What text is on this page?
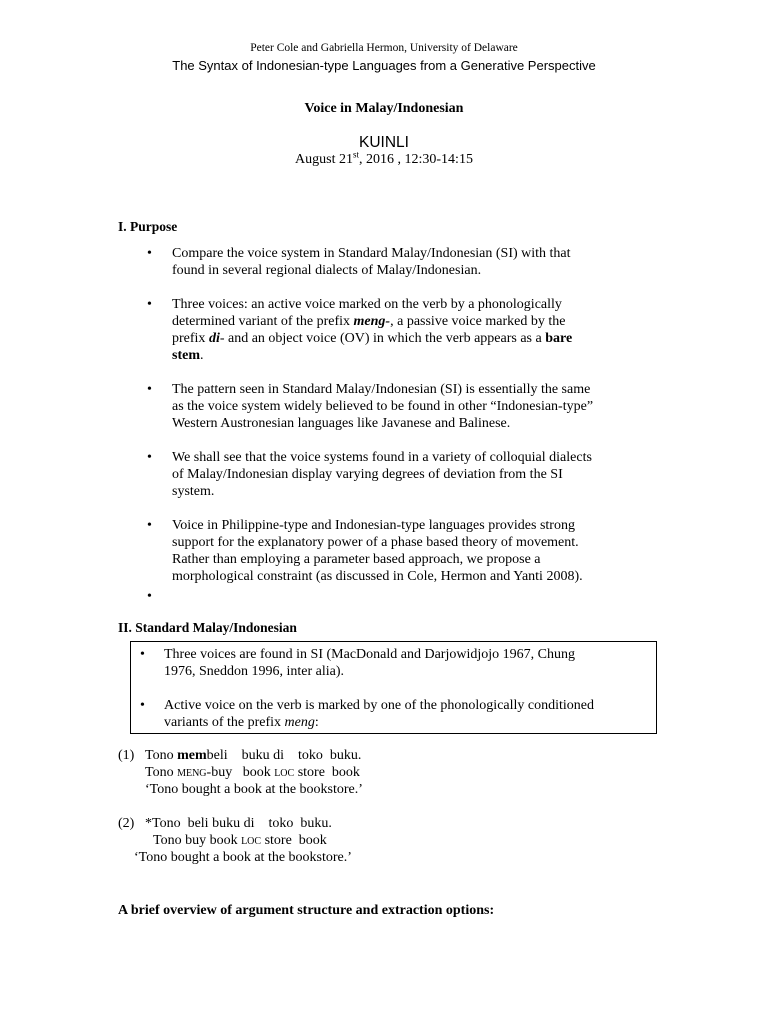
Peter Cole and Gabriella Hermon, University of Delaware
The Syntax of Indonesian-type Languages from a Generative Perspective
Voice in Malay/Indonesian
KUINLI
August 21st, 2016 , 12:30-14:15
I. Purpose
• Compare the voice system in Standard Malay/Indonesian (SI) with that
found in several regional dialects of Malay/Indonesian.
• Three voices: an active voice marked on the verb by a phonologically
determined variant of the prefix meng-, a passive voice marked by the
prefix di- and an object voice (OV) in which the verb appears as a bare
stem.
• The pattern seen in Standard Malay/Indonesian (SI) is essentially the same
as the voice system widely believed to be found in other “Indonesian-type”
Western Austronesian languages like Javanese and Balinese.
• We shall see that the voice systems found in a variety of colloquial dialects
of Malay/Indonesian display varying degrees of deviation from the SI
system.
• Voice in Philippine-type and Indonesian-type languages provides strong
support for the explanatory power of a phase based theory of movement.
Rather than employing a parameter based approach, we propose a
morphological constraint (as discussed in Cole, Hermon and Yanti 2008).
•
II. Standard Malay/Indonesian
• Three voices are found in SI (MacDonald and Darjowidjojo 1967, Chung
1976, Sneddon 1996, inter alia).
• Active voice on the verb is marked by one of the phonologically conditioned
variants of the prefix meng:
(1) Tono membeli    buku di    toko  buku.
Tono meng-buy   book loc store  book
‘Tono bought a book at the bookstore.’
(2) *Tono  beli buku di    toko  buku.
Tono buy book loc store  book
‘Tono bought a book at the bookstore.’
A brief overview of argument structure and extraction options:
